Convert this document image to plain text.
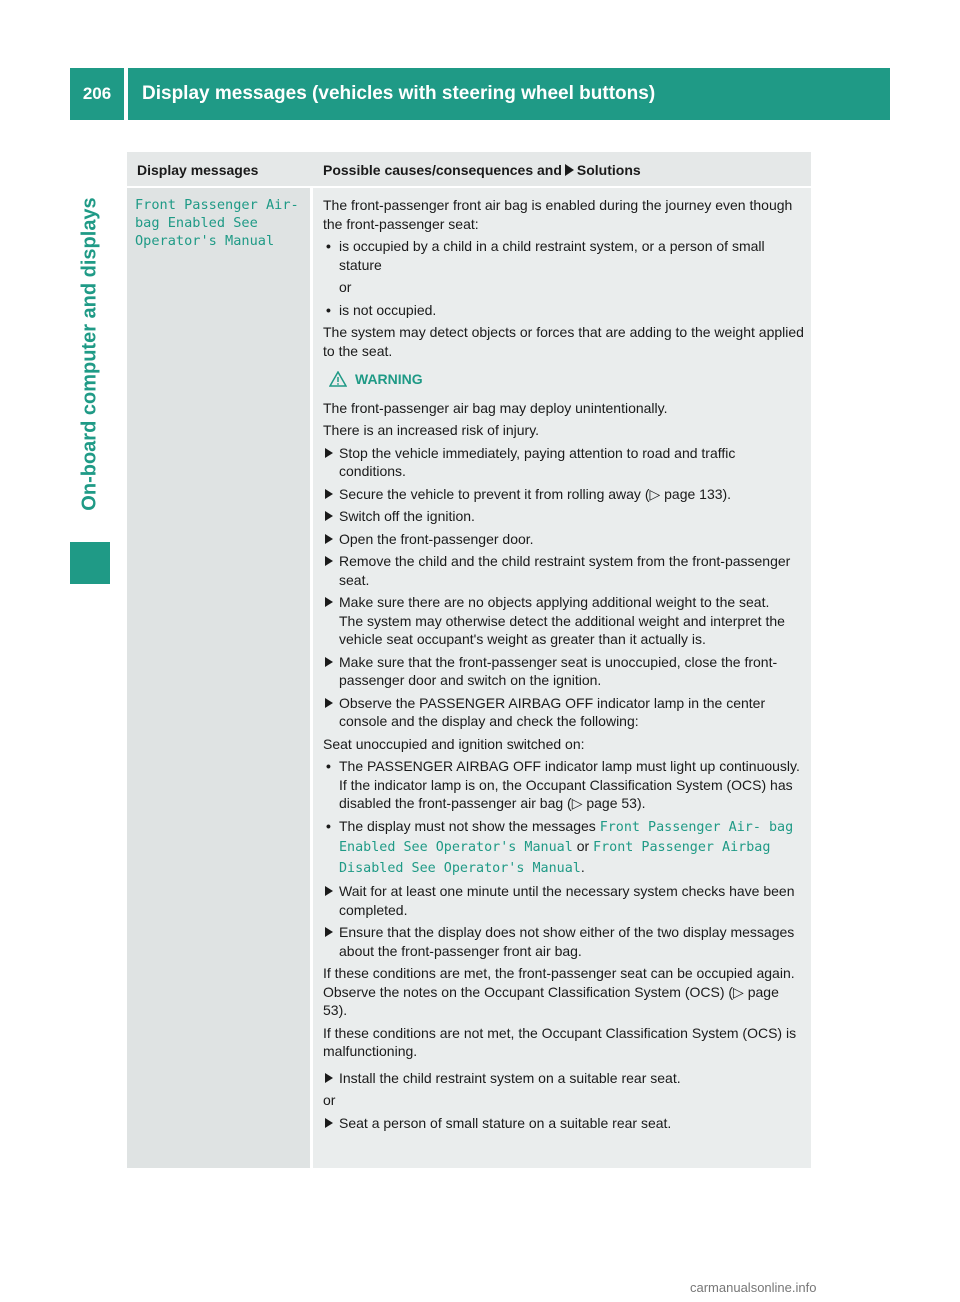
206	Display messages (vehicles with steering wheel buttons)
On-board computer and displays
Display messages	Possible causes/consequences and Solutions
Front Passenger Air‐ bag Enabled See Operator's Manual

The front-passenger front air bag is enabled during the journey even though the front-passenger seat:

• is occupied by a child in a child restraint system, or a person of small stature
or
• is not occupied.

The system may detect objects or forces that are adding to the weight applied to the seat.

WARNING

The front-passenger air bag may deploy unintentionally.

There is an increased risk of injury.

Stop the vehicle immediately, paying attention to road and traffic conditions.
Secure the vehicle to prevent it from rolling away (▷ page 133).
Switch off the ignition.
Open the front-passenger door.
Remove the child and the child restraint system from the front-passenger seat.
Make sure there are no objects applying additional weight to the seat.
The system may otherwise detect the additional weight and interpret the vehicle seat occupant's weight as greater than it actually is.
Make sure that the front-passenger seat is unoccupied, close the front-passenger door and switch on the ignition.
Observe the PASSENGER AIRBAG OFF indicator lamp in the center console and the display and check the following:

Seat unoccupied and ignition switched on:

• The PASSENGER AIRBAG OFF indicator lamp must light up continuously. If the indicator lamp is on, the Occupant Classification System (OCS) has disabled the front-passenger air bag (▷ page 53).
• The display must not show the messages Front Passenger Air‐ bag Enabled See Operator's Manual or Front Passenger Airbag Disabled See Operator's Manual.
Wait for at least one minute until the necessary system checks have been completed.
Ensure that the display does not show either of the two display messages about the front-passenger front air bag.

If these conditions are met, the front-passenger seat can be occupied again. Observe the notes on the Occupant Classification System (OCS) (▷ page 53).

If these conditions are not met, the Occupant Classification System (OCS) is malfunctioning.

Install the child restraint system on a suitable rear seat.

or

Seat a person of small stature on a suitable rear seat.
carmanualsonline.info
